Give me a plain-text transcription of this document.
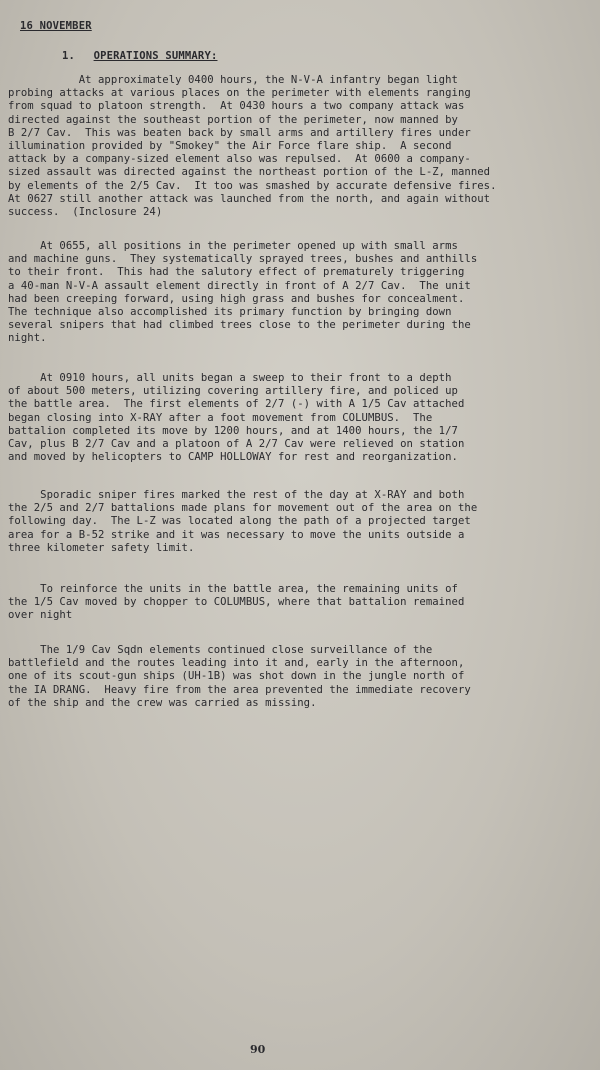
16 NOVEMBER
1. OPERATIONS SUMMARY:
At approximately 0400 hours, the N-V-A infantry began light
probing attacks at various places on the perimeter with elements ranging
from squad to platoon strength.  At 0430 hours a two company attack was
directed against the southeast portion of the perimeter, now manned by
B 2/7 Cav.  This was beaten back by small arms and artillery fires under
illumination provided by "Smokey" the Air Force flare ship.  A second
attack by a company-sized element also was repulsed.  At 0600 a company-
sized assault was directed against the northeast portion of the L-Z, manned
by elements of the 2/5 Cav.  It too was smashed by accurate defensive fires.
At 0627 still another attack was launched from the north, and again without
success.  (Inclosure 24)
At 0655, all positions in the perimeter opened up with small arms
and machine guns.  They systematically sprayed trees, bushes and anthills
to their front.  This had the salutory effect of prematurely triggering
a 40-man N-V-A assault element directly in front of A 2/7 Cav.  The unit
had been creeping forward, using high grass and bushes for concealment.
The technique also accomplished its primary function by bringing down
several snipers that had climbed trees close to the perimeter during the
night.
At 0910 hours, all units began a sweep to their front to a depth
of about 500 meters, utilizing covering artillery fire, and policed up
the battle area.  The first elements of 2/7 (-) with A 1/5 Cav attached
began closing into X-RAY after a foot movement from COLUMBUS.  The
battalion completed its move by 1200 hours, and at 1400 hours, the 1/7
Cav, plus B 2/7 Cav and a platoon of A 2/7 Cav were relieved on station
and moved by helicopters to CAMP HOLLOWAY for rest and reorganization.
Sporadic sniper fires marked the rest of the day at X-RAY and both
the 2/5 and 2/7 battalions made plans for movement out of the area on the
following day.  The L-Z was located along the path of a projected target
area for a B-52 strike and it was necessary to move the units outside a
three kilometer safety limit.
To reinforce the units in the battle area, the remaining units of
the 1/5 Cav moved by chopper to COLUMBUS, where that battalion remained
over night
The 1/9 Cav Sqdn elements continued close surveillance of the
battlefield and the routes leading into it and, early in the afternoon,
one of its scout-gun ships (UH-1B) was shot down in the jungle north of
the IA DRANG.  Heavy fire from the area prevented the immediate recovery
of the ship and the crew was carried as missing.
90
